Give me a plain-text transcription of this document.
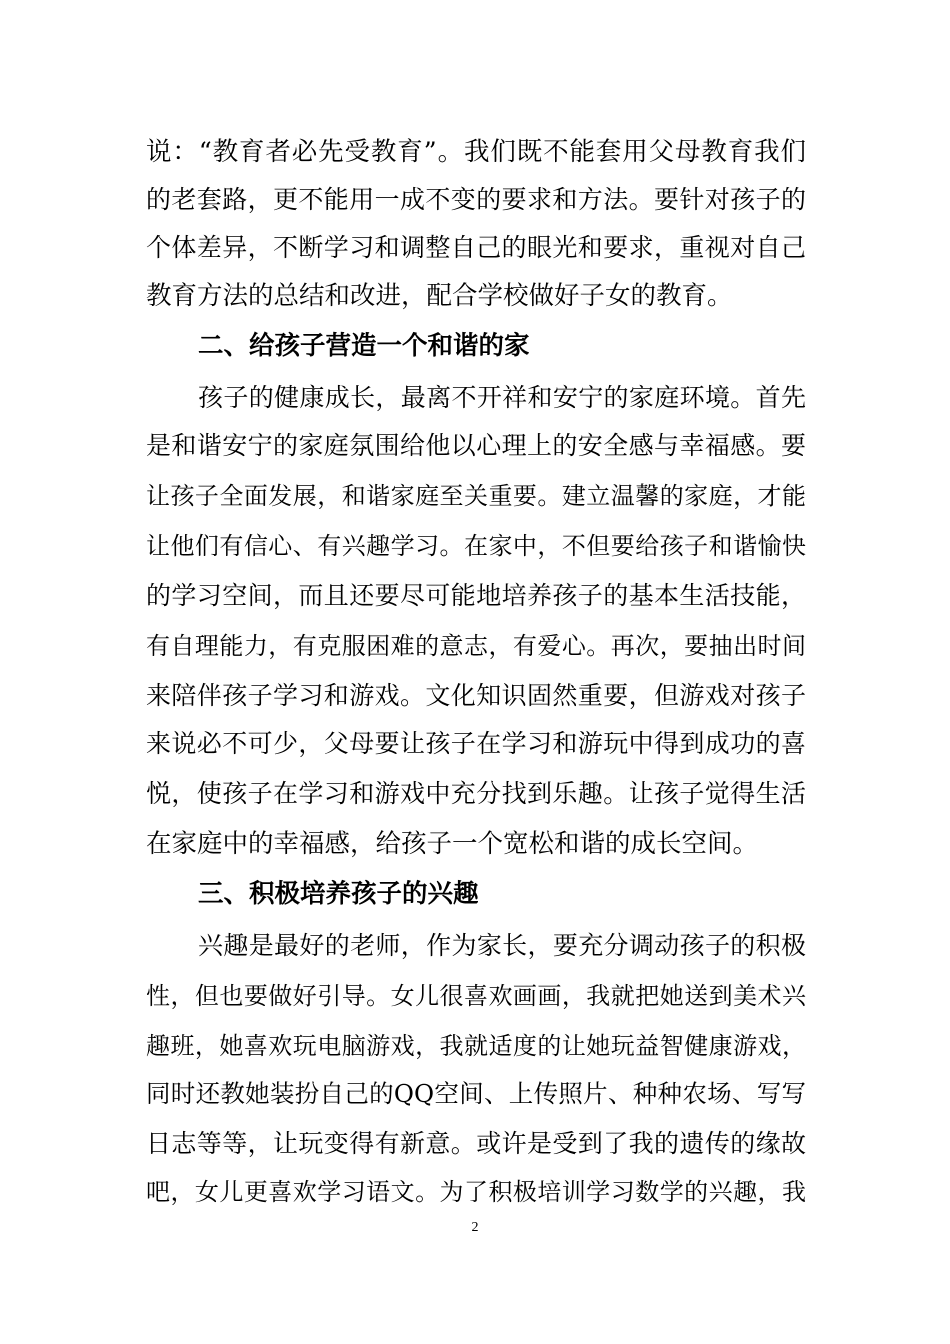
说：“教育者必先受教育”。我们既不能套用父母教育我们
的老套路，更不能用一成不变的要求和方法。要针对孩子的
个体差异，不断学习和调整自己的眼光和要求，重视对自己
教育方法的总结和改进，配合学校做好子女的教育。
二、给孩子营造一个和谐的家
孩子的健康成长，最离不开祥和安宁的家庭环境。首先
是和谐安宁的家庭氛围给他以心理上的安全感与幸福感。要
让孩子全面发展，和谐家庭至关重要。建立温馨的家庭，才能
让他们有信心、有兴趣学习。在家中，不但要给孩子和谐愉快
的学习空间，而且还要尽可能地培养孩子的基本生活技能，
有自理能力，有克服困难的意志，有爱心。再次，要抽出时间
来陪伴孩子学习和游戏。文化知识固然重要，但游戏对孩子
来说必不可少，父母要让孩子在学习和游玩中得到成功的喜
悦，使孩子在学习和游戏中充分找到乐趣。让孩子觉得生活
在家庭中的幸福感，给孩子一个宽松和谐的成长空间。
三、积极培养孩子的兴趣
兴趣是最好的老师，作为家长，要充分调动孩子的积极
性，但也要做好引导。女儿很喜欢画画，我就把她送到美术兴
趣班，她喜欢玩电脑游戏，我就适度的让她玩益智健康游戏，
同时还教她装扮自己的QQ空间、上传照片、种种农场、写写
日志等等，让玩变得有新意。或许是受到了我的遗传的缘故
吧，女儿更喜欢学习语文。为了积极培训学习数学的兴趣，我
2
